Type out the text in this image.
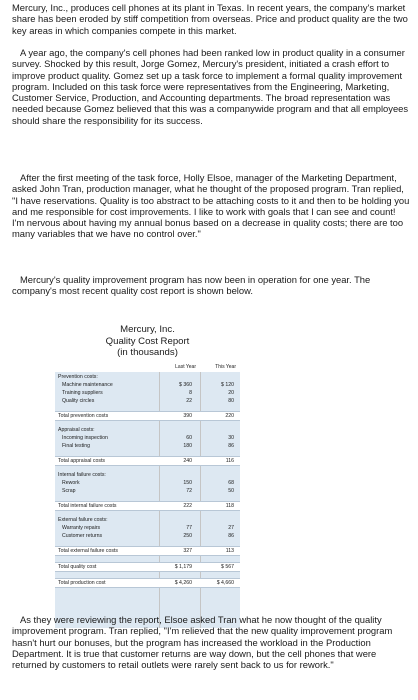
Mercury, Inc., produces cell phones at its plant in Texas. In recent years, the company's market share has been eroded by stiff competition from overseas. Price and product quality are the two key areas in which companies compete in this market.

A year ago, the company's cell phones had been ranked low in product quality in a consumer survey. Shocked by this result, Jorge Gomez, Mercury's president, initiated a crash effort to improve product quality. Gomez set up a task force to implement a formal quality improvement program. Included on this task force were representatives from the Engineering, Marketing, Customer Service, Production, and Accounting departments. The broad representation was needed because Gomez believed that this was a companywide program and that all employees should share the responsibility for its success.

After the first meeting of the task force, Holly Elsoe, manager of the Marketing Department, asked John Tran, production manager, what he thought of the proposed program. Tran replied, "I have reservations. Quality is too abstract to be attaching costs to it and then to be holding you and me responsible for cost improvements. I like to work with goals that I can see and count! I'm nervous about having my annual bonus based on a decrease in quality costs; there are too many variables that we have no control over."

Mercury's quality improvement program has now been in operation for one year. The company's most recent quality cost report is shown below.

Mercury, Inc.
Quality Cost Report
(in thousands)
Last Year	This Year
Prevention costs:
Machine maintenance	$ 360	$ 120
Training suppliers	8	20
Quality circles	22	80
Total prevention costs	390	220
Appraisal costs:
Incoming inspection	60	30
Final testing	180	86
Total appraisal costs	240	116
Internal failure costs:
Rework	150	68
Scrap	72	50
Total internal failure costs	222	118
External failure costs:
Warranty repairs	77	27
Customer returns	250	86
Total external failure costs	327	113
Total quality cost	$ 1,179	$ 567
Total production cost	$ 4,260	$ 4,660

As they were reviewing the report, Elsoe asked Tran what he now thought of the quality improvement program. Tran replied, "I'm relieved that the new quality improvement program hasn't hurt our bonuses, but the program has increased the workload in the Production Department. It is true that customer returns are way down, but the cell phones that were returned by customers to retail outlets were rarely sent back to us for rework."
